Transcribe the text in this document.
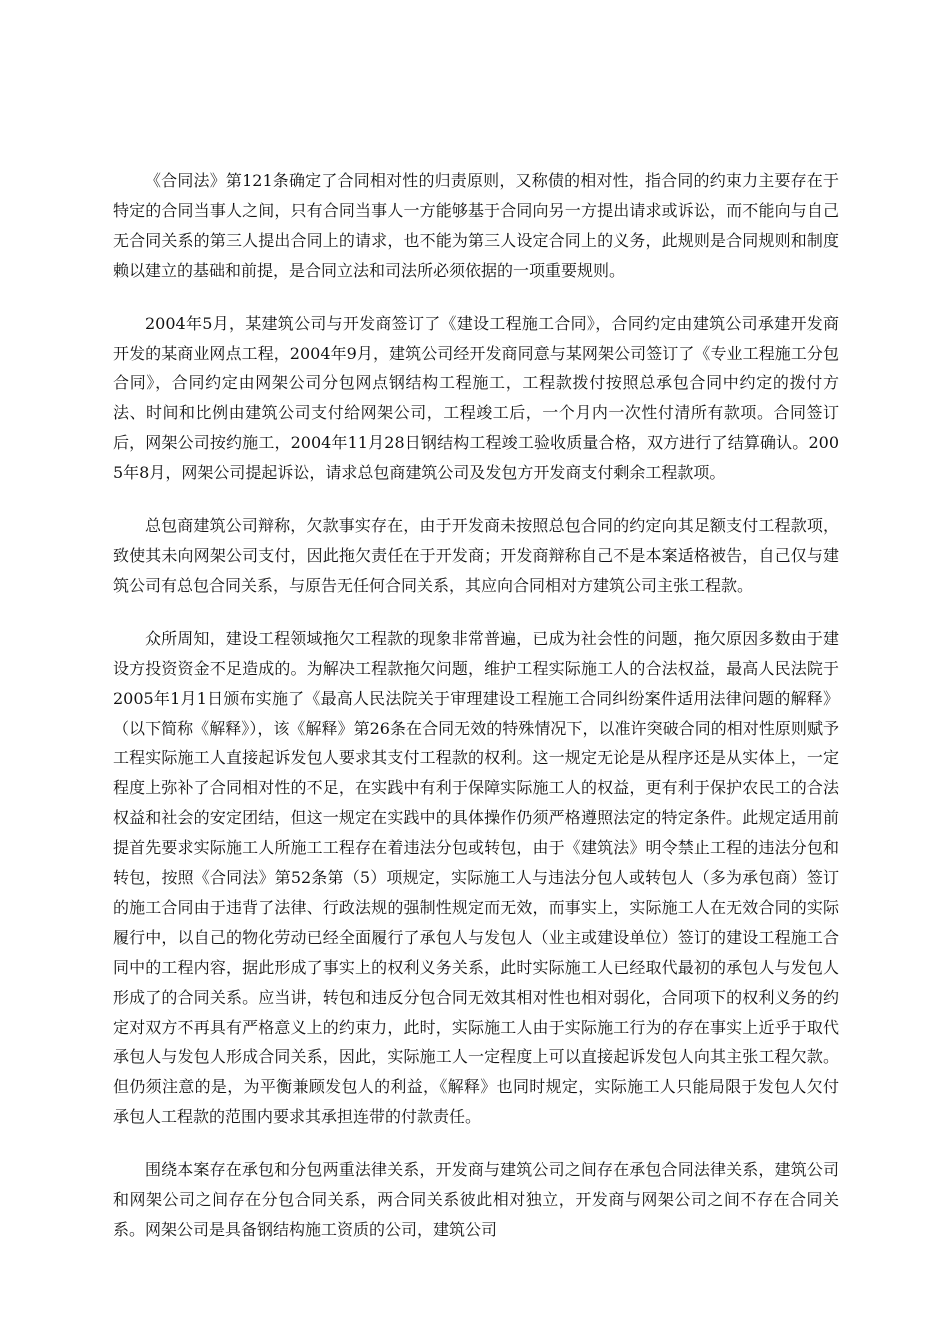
《合同法》第121条确定了合同相对性的归责原则，又称债的相对性，指合同的约束力主要存在于特定的合同当事人之间，只有合同当事人一方能够基于合同向另一方提出请求或诉讼，而不能向与自己无合同关系的第三人提出合同上的请求，也不能为第三人设定合同上的义务，此规则是合同规则和制度赖以建立的基础和前提，是合同立法和司法所必须依据的一项重要规则。

2004年5月，某建筑公司与开发商签订了《建设工程施工合同》，合同约定由建筑公司承建开发商开发的某商业网点工程，2004年9月，建筑公司经开发商同意与某网架公司签订了《专业工程施工分包合同》，合同约定由网架公司分包网点钢结构工程施工，工程款拨付按照总承包合同中约定的拨付方法、时间和比例由建筑公司支付给网架公司，工程竣工后，一个月内一次性付清所有款项。合同签订后，网架公司按约施工，2004年11月28日钢结构工程竣工验收质量合格，双方进行了结算确认。2005年8月，网架公司提起诉讼，请求总包商建筑公司及发包方开发商支付剩余工程款项。

总包商建筑公司辩称，欠款事实存在，由于开发商未按照总包合同的约定向其足额支付工程款项，致使其未向网架公司支付，因此拖欠责任在于开发商；开发商辩称自己不是本案适格被告，自己仅与建筑公司有总包合同关系，与原告无任何合同关系，其应向合同相对方建筑公司主张工程款。

众所周知，建设工程领域拖欠工程款的现象非常普遍，已成为社会性的问题，拖欠原因多数由于建设方投资资金不足造成的。为解决工程款拖欠问题，维护工程实际施工人的合法权益，最高人民法院于2005年1月1日颁布实施了《最高人民法院关于审理建设工程施工合同纠纷案件适用法律问题的解释》（以下简称《解释》），该《解释》第26条在合同无效的特殊情况下，以准许突破合同的相对性原则赋予工程实际施工人直接起诉发包人要求其支付工程款的权利。这一规定无论是从程序还是从实体上，一定程度上弥补了合同相对性的不足，在实践中有利于保障实际施工人的权益，更有利于保护农民工的合法权益和社会的安定团结，但这一规定在实践中的具体操作仍须严格遵照法定的特定条件。此规定适用前提首先要求实际施工人所施工工程存在着违法分包或转包，由于《建筑法》明令禁止工程的违法分包和转包，按照《合同法》第52条第（5）项规定，实际施工人与违法分包人或转包人（多为承包商）签订的施工合同由于违背了法律、行政法规的强制性规定而无效，而事实上，实际施工人在无效合同的实际履行中，以自己的物化劳动已经全面履行了承包人与发包人（业主或建设单位）签订的建设工程施工合同中的工程内容，据此形成了事实上的权利义务关系，此时实际施工人已经取代最初的承包人与发包人形成了的合同关系。应当讲，转包和违反分包合同无效其相对性也相对弱化，合同项下的权利义务的约定对双方不再具有严格意义上的约束力，此时，实际施工人由于实际施工行为的存在事实上近乎于取代承包人与发包人形成合同关系，因此，实际施工人一定程度上可以直接起诉发包人向其主张工程欠款。但仍须注意的是，为平衡兼顾发包人的利益，《解释》也同时规定，实际施工人只能局限于发包人欠付承包人工程款的范围内要求其承担连带的付款责任。

围绕本案存在承包和分包两重法律关系，开发商与建筑公司之间存在承包合同法律关系，建筑公司和网架公司之间存在分包合同关系，两合同关系彼此相对独立，开发商与网架公司之间不存在合同关系。网架公司是具备钢结构施工资质的公司，建筑公司
